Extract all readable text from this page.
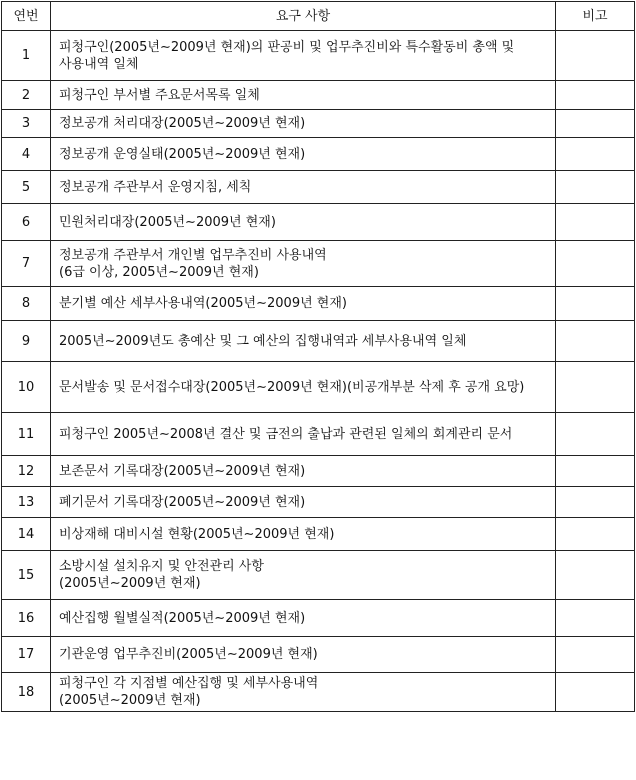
연번	요구 사항	비고
1	피청구인(2005년∼2009년 현재)의 판공비 및 업무추진비와 특수활동비 총액 및
사용내역 일체	

2	피청구인 부서별 주요문서목록 일체	

3	정보공개 처리대장(2005년∼2009년 현재)	

4	정보공개 운영실태(2005년∼2009년 현재)	

5	정보공개 주관부서 운영지침, 세칙	

6	민원처리대장(2005년∼2009년 현재)	

7	정보공개 주관부서 개인별 업무추진비 사용내역
(6급 이상, 2005년∼2009년 현재)	

8	분기별 예산 세부사용내역(2005년∼2009년 현재)	

9	2005년∼2009년도 총예산 및 그 예산의 집행내역과 세부사용내역 일체	

10	문서발송 및 문서접수대장(2005년∼2009년 현재)(비공개부분 삭제 후 공개 요망)	

11	피청구인 2005년∼2008년 결산 및 금전의 출납과 관련된 일체의 회계관리 문서	

12	보존문서 기록대장(2005년∼2009년 현재)	

13	폐기문서 기록대장(2005년∼2009년 현재)	

14	비상재해 대비시설 현황(2005년∼2009년 현재)	

15	소방시설 설치유지 및 안전관리 사항
(2005년∼2009년 현재)	

16	예산집행 월별실적(2005년∼2009년 현재)	

17	기관운영 업무추진비(2005년∼2009년 현재)	

18	피청구인 각 지점별 예산집행 및 세부사용내역
(2005년∼2009년 현재)	
